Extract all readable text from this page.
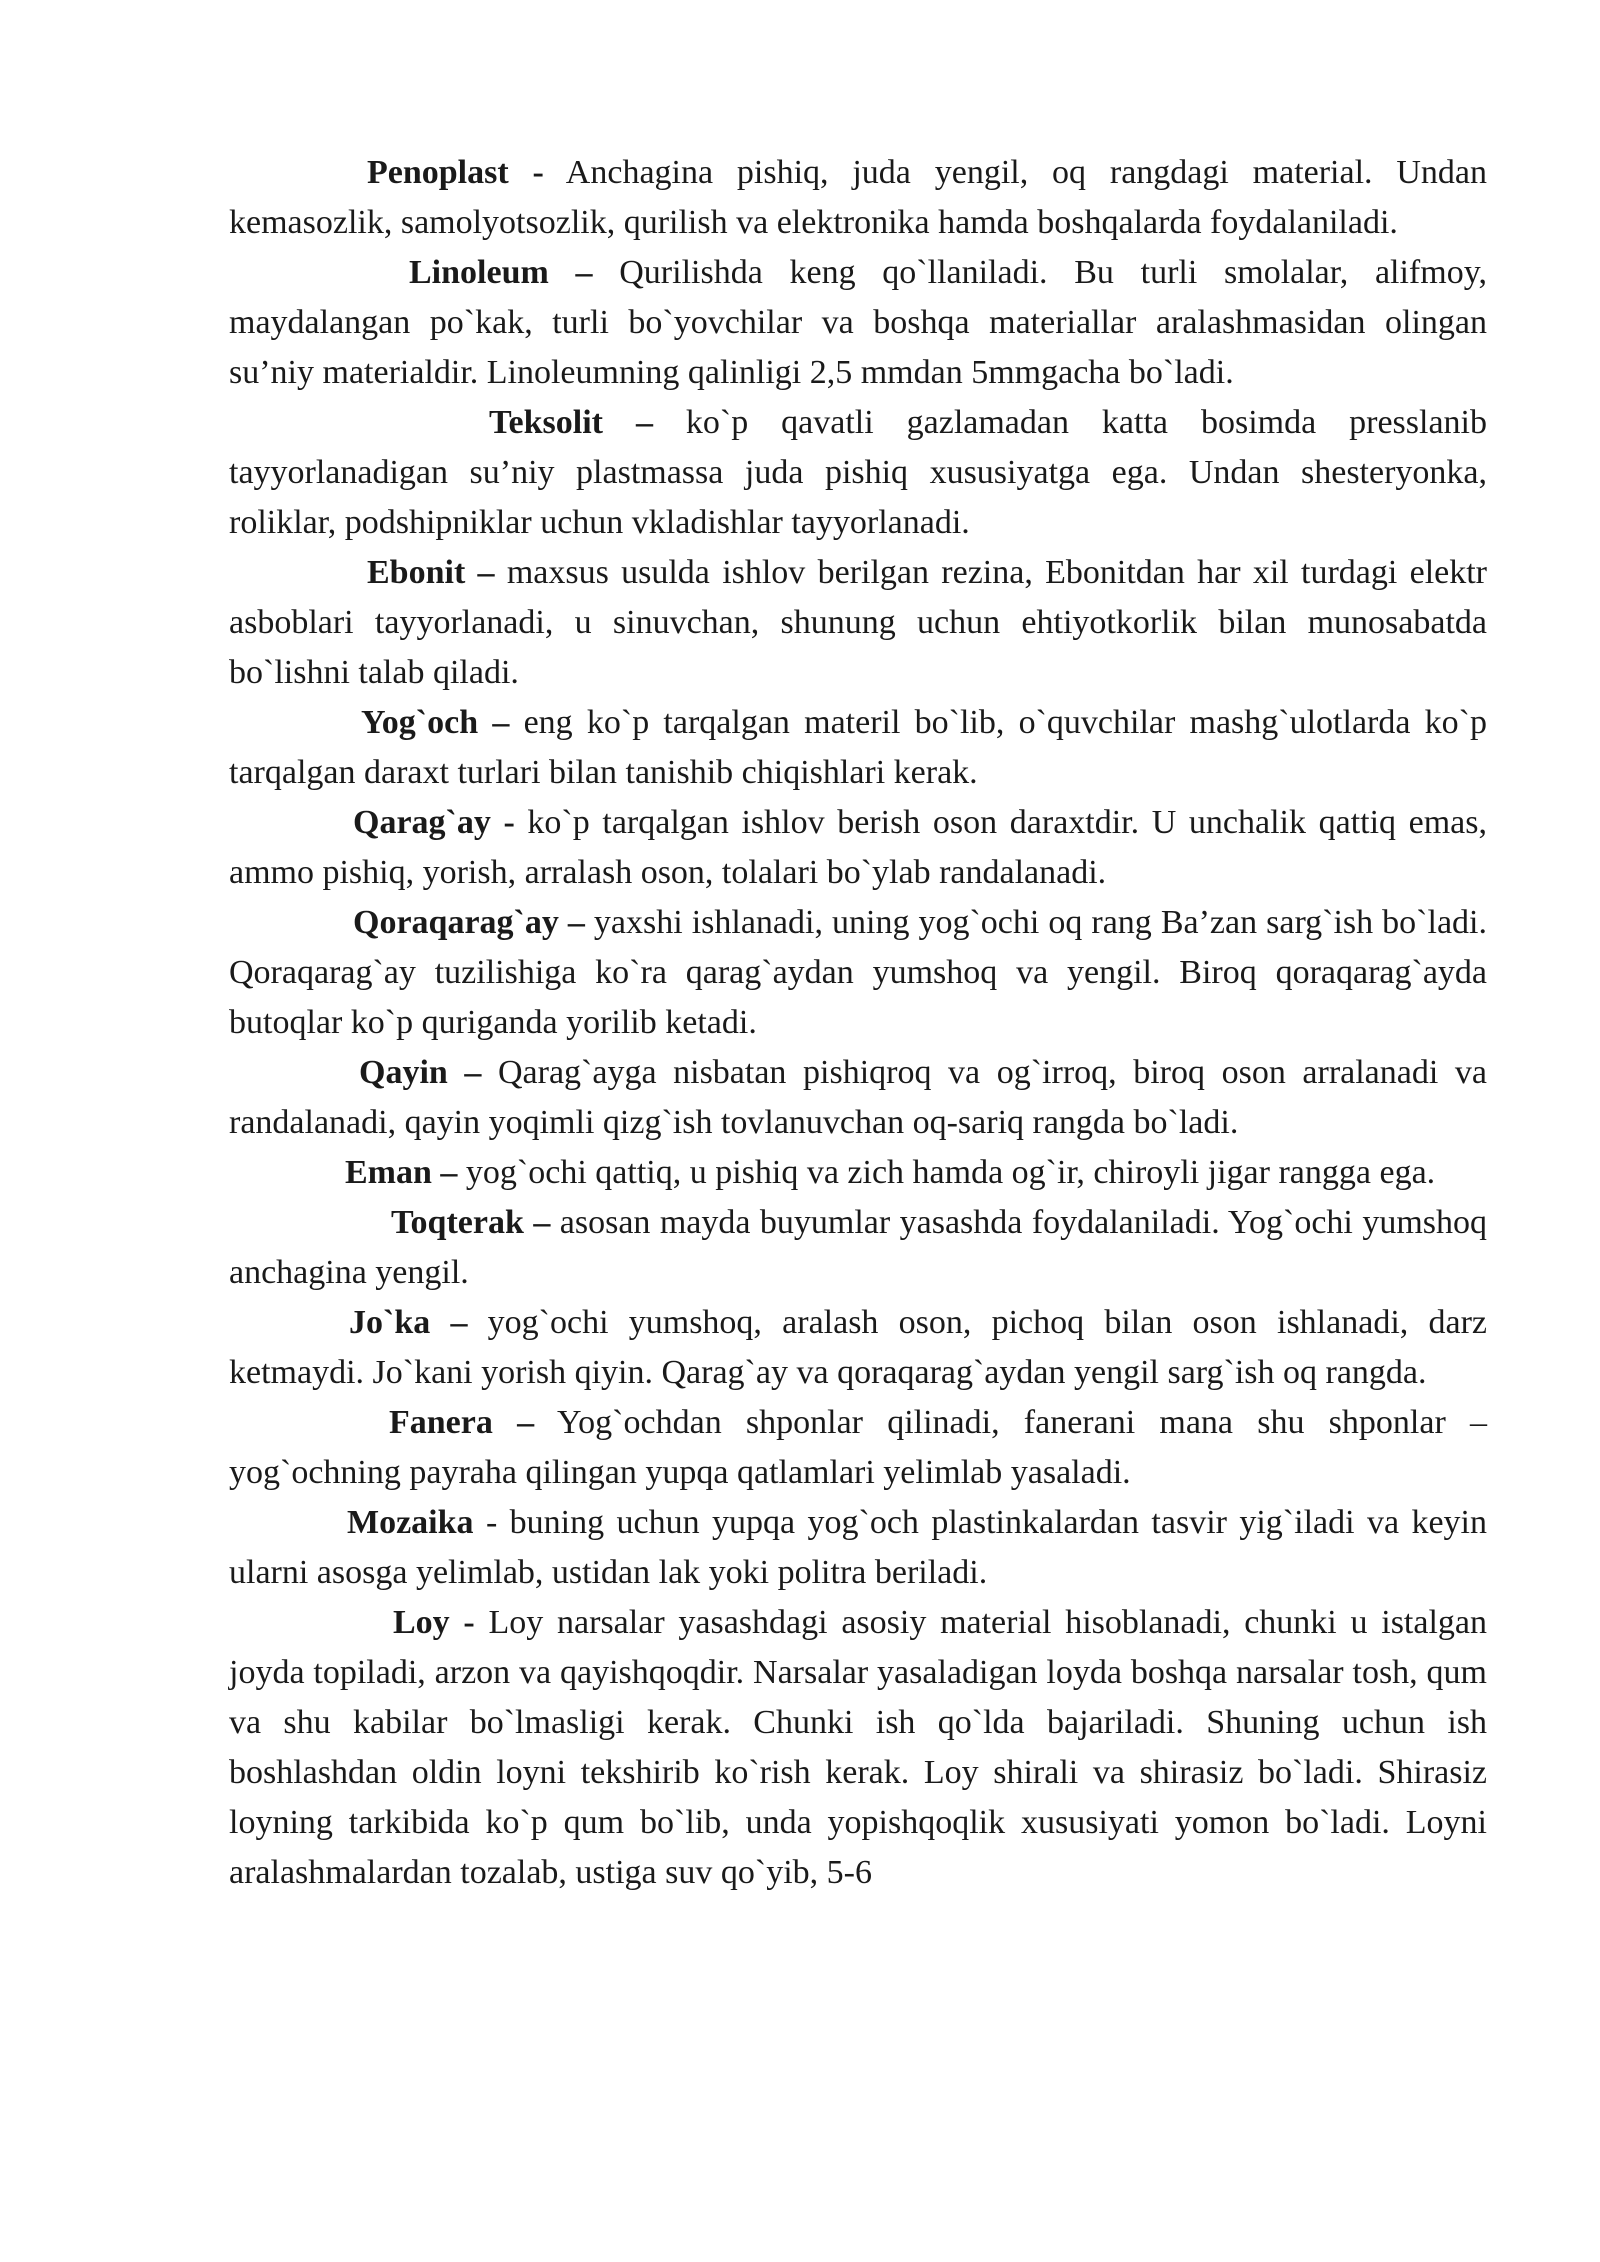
Penoplast - Anchagina pishiq, juda yengil, oq rangdagi material. Undan kemasozlik, samolyotsozlik, qurilish va elektronika hamda boshqalarda foydalaniladi.

Linoleum – Qurilishda keng qo`llaniladi. Bu turli smolalar, alifmoy, maydalangan po`kak, turli bo`yovchilar va boshqa materiallar aralashmasidan olingan su’niy materialdir. Linoleumning qalinligi 2,5 mmdan 5mmgacha bo`ladi.

Teksolit – ko`p qavatli gazlamadan katta bosimda presslanib tayyorlanadigan su’niy plastmassa juda pishiq xususiyatga ega. Undan shesteryonka, roliklar, podshipniklar uchun vkladishlar tayyorlanadi.

Ebonit – maxsus usulda ishlov berilgan rezina, Ebonitdan har xil turdagi elektr asboblari tayyorlanadi, u sinuvchan, shunung uchun ehtiyotkorlik bilan munosabatda bo`lishni talab qiladi.

Yog`och – eng ko`p tarqalgan materil bo`lib, o`quvchilar mashg`ulotlarda ko`p tarqalgan daraxt turlari bilan tanishib chiqishlari kerak.

Qarag`ay - ko`p tarqalgan ishlov berish oson daraxtdir. U unchalik qattiq emas, ammo pishiq, yorish, arralash oson, tolalari bo`ylab randalanadi.

Qoraqarag`ay – yaxshi ishlanadi, uning yog`ochi oq rang Ba’zan sarg`ish bo`ladi. Qoraqarag`ay tuzilishiga ko`ra qarag`aydan yumshoq va yengil. Biroq qoraqarag`ayda butoqlar ko`p quriganda yorilib ketadi.

Qayin – Qarag`ayga nisbatan pishiqroq va og`irroq, biroq oson arralanadi va randalanadi, qayin yoqimli qizg`ish tovlanuvchan oq-sariq rangda bo`ladi.

Eman – yog`ochi qattiq, u pishiq va zich hamda og`ir, chiroyli jigar rangga ega.

Toqterak – asosan mayda buyumlar yasashda foydalaniladi. Yog`ochi yumshoq anchagina yengil.

Jo`ka – yog`ochi yumshoq, aralash oson, pichoq bilan oson ishlanadi, darz ketmaydi. Jo`kani yorish qiyin. Qarag`ay va qoraqarag`aydan yengil sarg`ish oq rangda.

Fanera – Yog`ochdan shponlar qilinadi, fanerani mana shu shponlar – yog`ochning payraha qilingan yupqa qatlamlari yelimlab yasaladi.

Mozaika - buning uchun yupqa yog`och plastinkalardan tasvir yig`iladi va keyin ularni asosga yelimlab, ustidan lak yoki politra beriladi.

Loy - Loy narsalar yasashdagi asosiy material hisoblanadi, chunki u istalgan joyda topiladi, arzon va qayishqoqdir. Narsalar yasaladigan loyda boshqa narsalar tosh, qum va shu kabilar bo`lmasligi kerak. Chunki ish qo`lda bajariladi. Shuning uchun ish boshlashdan oldin loyni tekshirib ko`rish kerak. Loy shirali va shirasiz bo`ladi. Shirasiz loyning tarkibida ko`p qum bo`lib, unda yopishqoqlik xususiyati yomon bo`ladi. Loyni aralashmalardan tozalab, ustiga suv qo`yib, 5-6
